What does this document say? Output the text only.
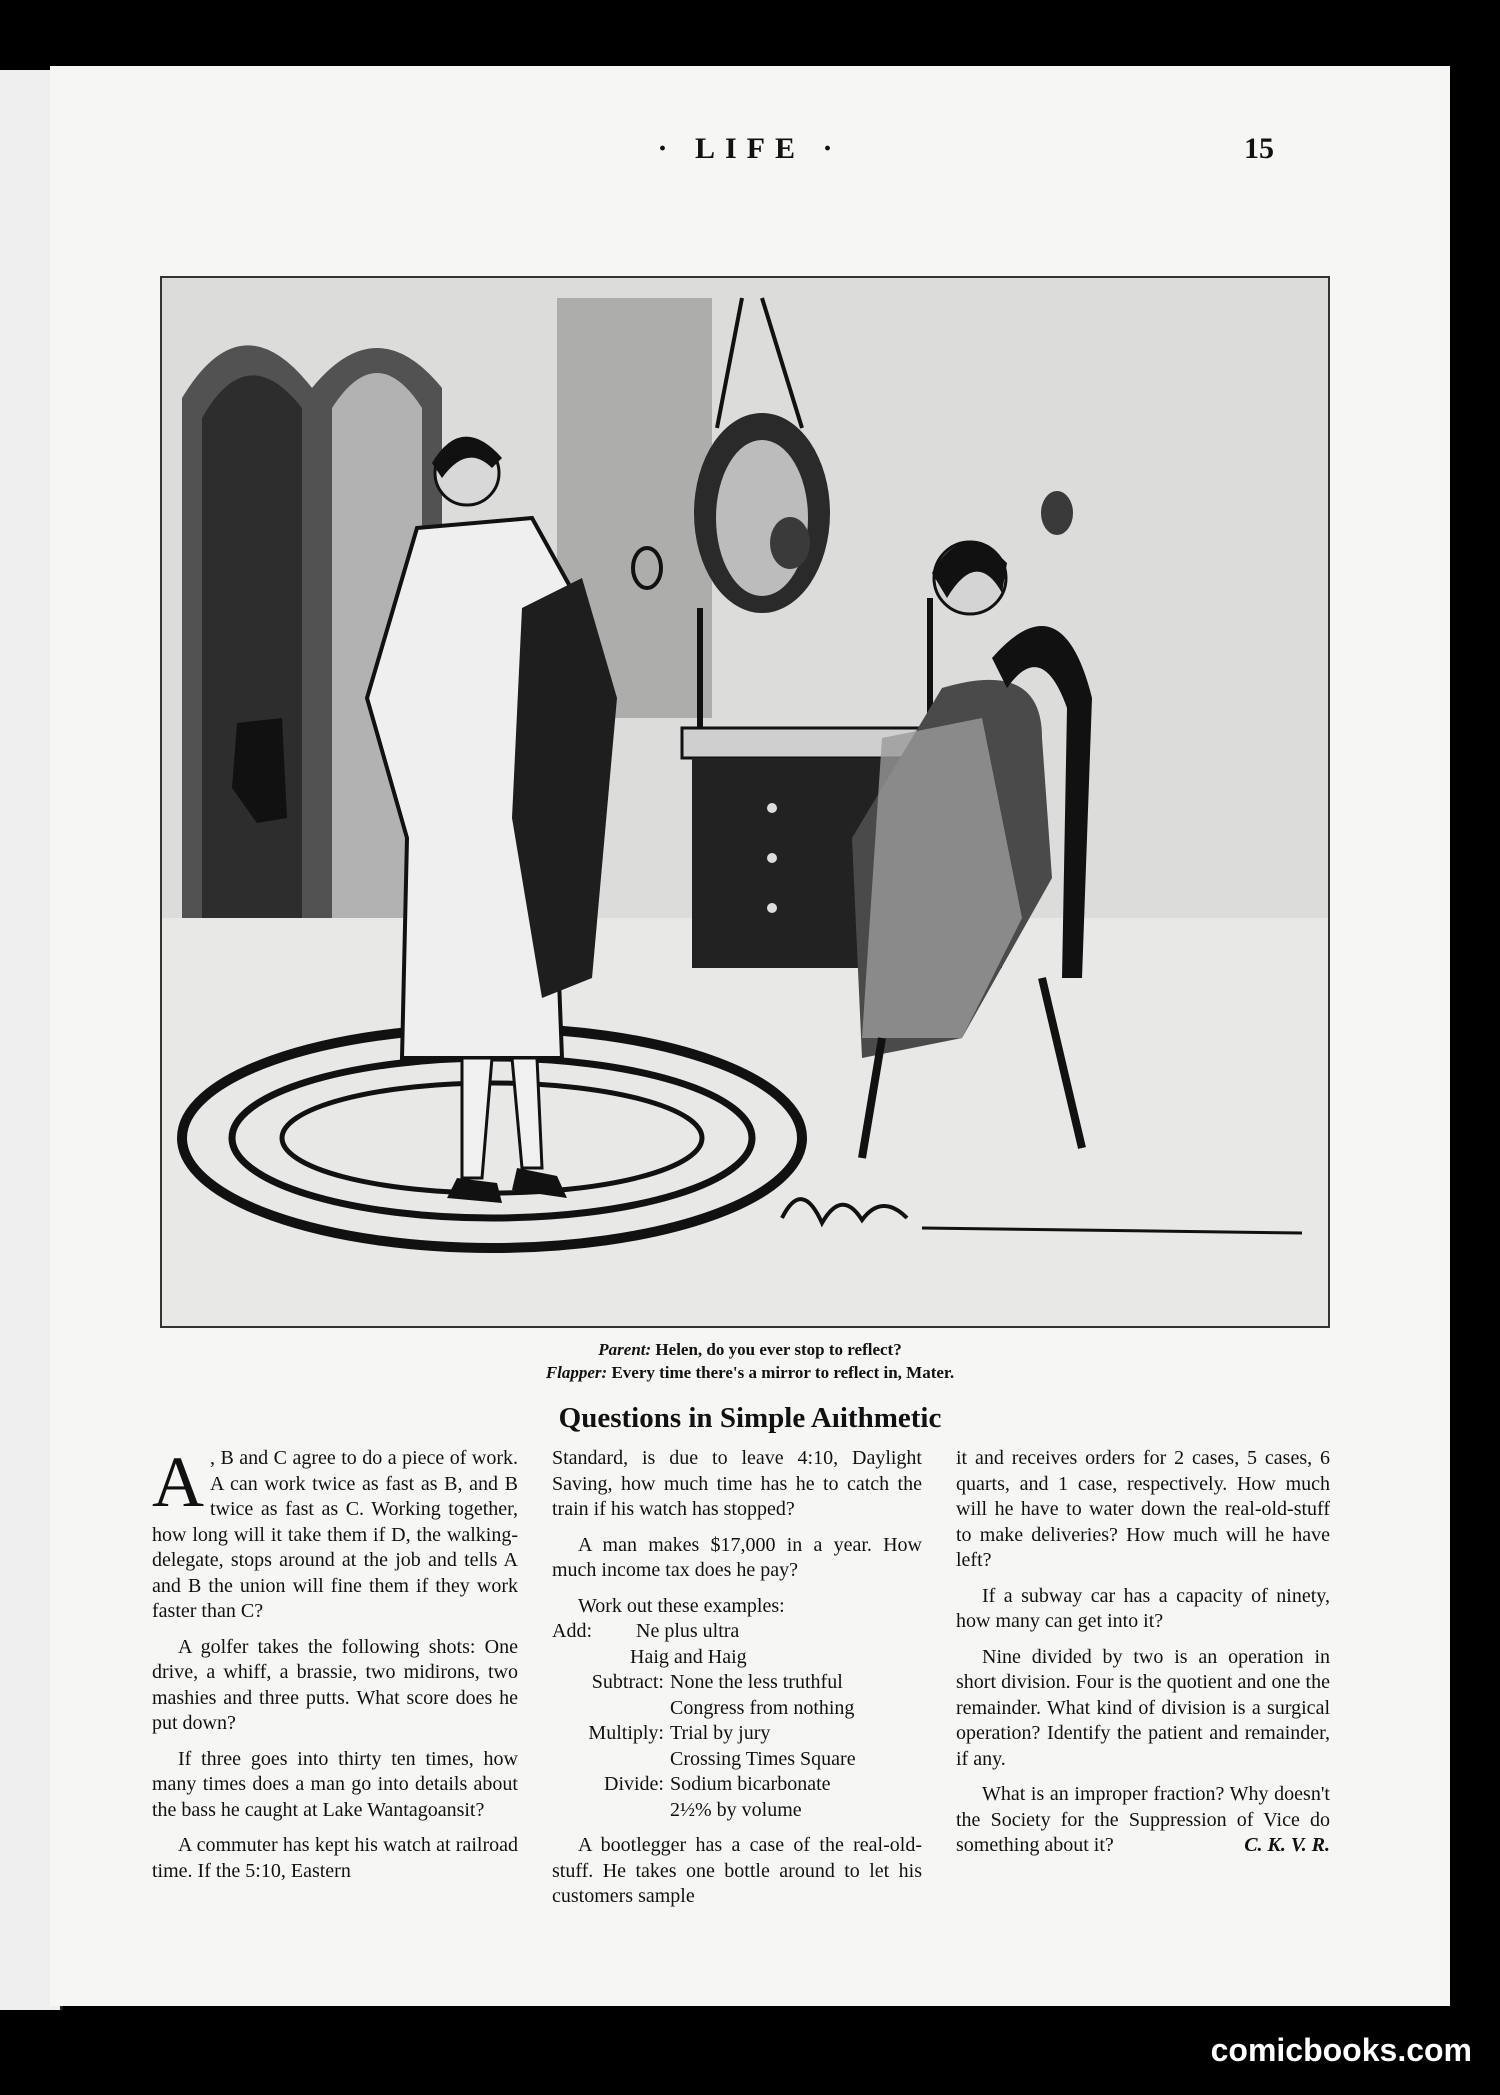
· LIFE ·	15
Parent: Helen, do you ever stop to reflect?
Flapper: Every time there's a mirror to reflect in, Mater.
Questions in Simple Aıithmetic

A , B and C agree to do a piece of work. A can work twice as fast as B, and B twice as fast as C. Working together, how long will it take them if D, the walking-delegate, stops around at the job and tells A and B the union will fine them if they work faster than C?

A golfer takes the following shots: One drive, a whiff, a brassie, two midirons, two mashies and three putts. What score does he put down?

If three goes into thirty ten times, how many times does a man go into details about the bass he caught at Lake Wantagoansit?

A commuter has kept his watch at railroad time. If the 5:10, Eastern

Standard, is due to leave 4:10, Daylight Saving, how much time has he to catch the train if his watch has stopped?

A man makes $17,000 in a year. How much income tax does he pay?

Work out these examples:

Add:	Ne plus ultra
Haig and Haig
Subtract: None the less truthful
Congress from nothing
Multiply: Trial by jury
Crossing Times Square
Divide: Sodium bicarbonate
2½% by volume

A bootlegger has a case of the real-old-stuff. He takes one bottle around to let his customers sample

it and receives orders for 2 cases, 5 cases, 6 quarts, and 1 case, respectively. How much will he have to water down the real-old-stuff to make deliveries? How much will he have left?

If a subway car has a capacity of ninety, how many can get into it?

Nine divided by two is an operation in short division. Four is the quotient and one the remainder. What kind of division is a surgical operation? Identify the patient and remainder, if any.

What is an improper fraction? Why doesn't the Society for the Suppression of Vice do something about it?	C. K. V. R.

comicbooks.com
